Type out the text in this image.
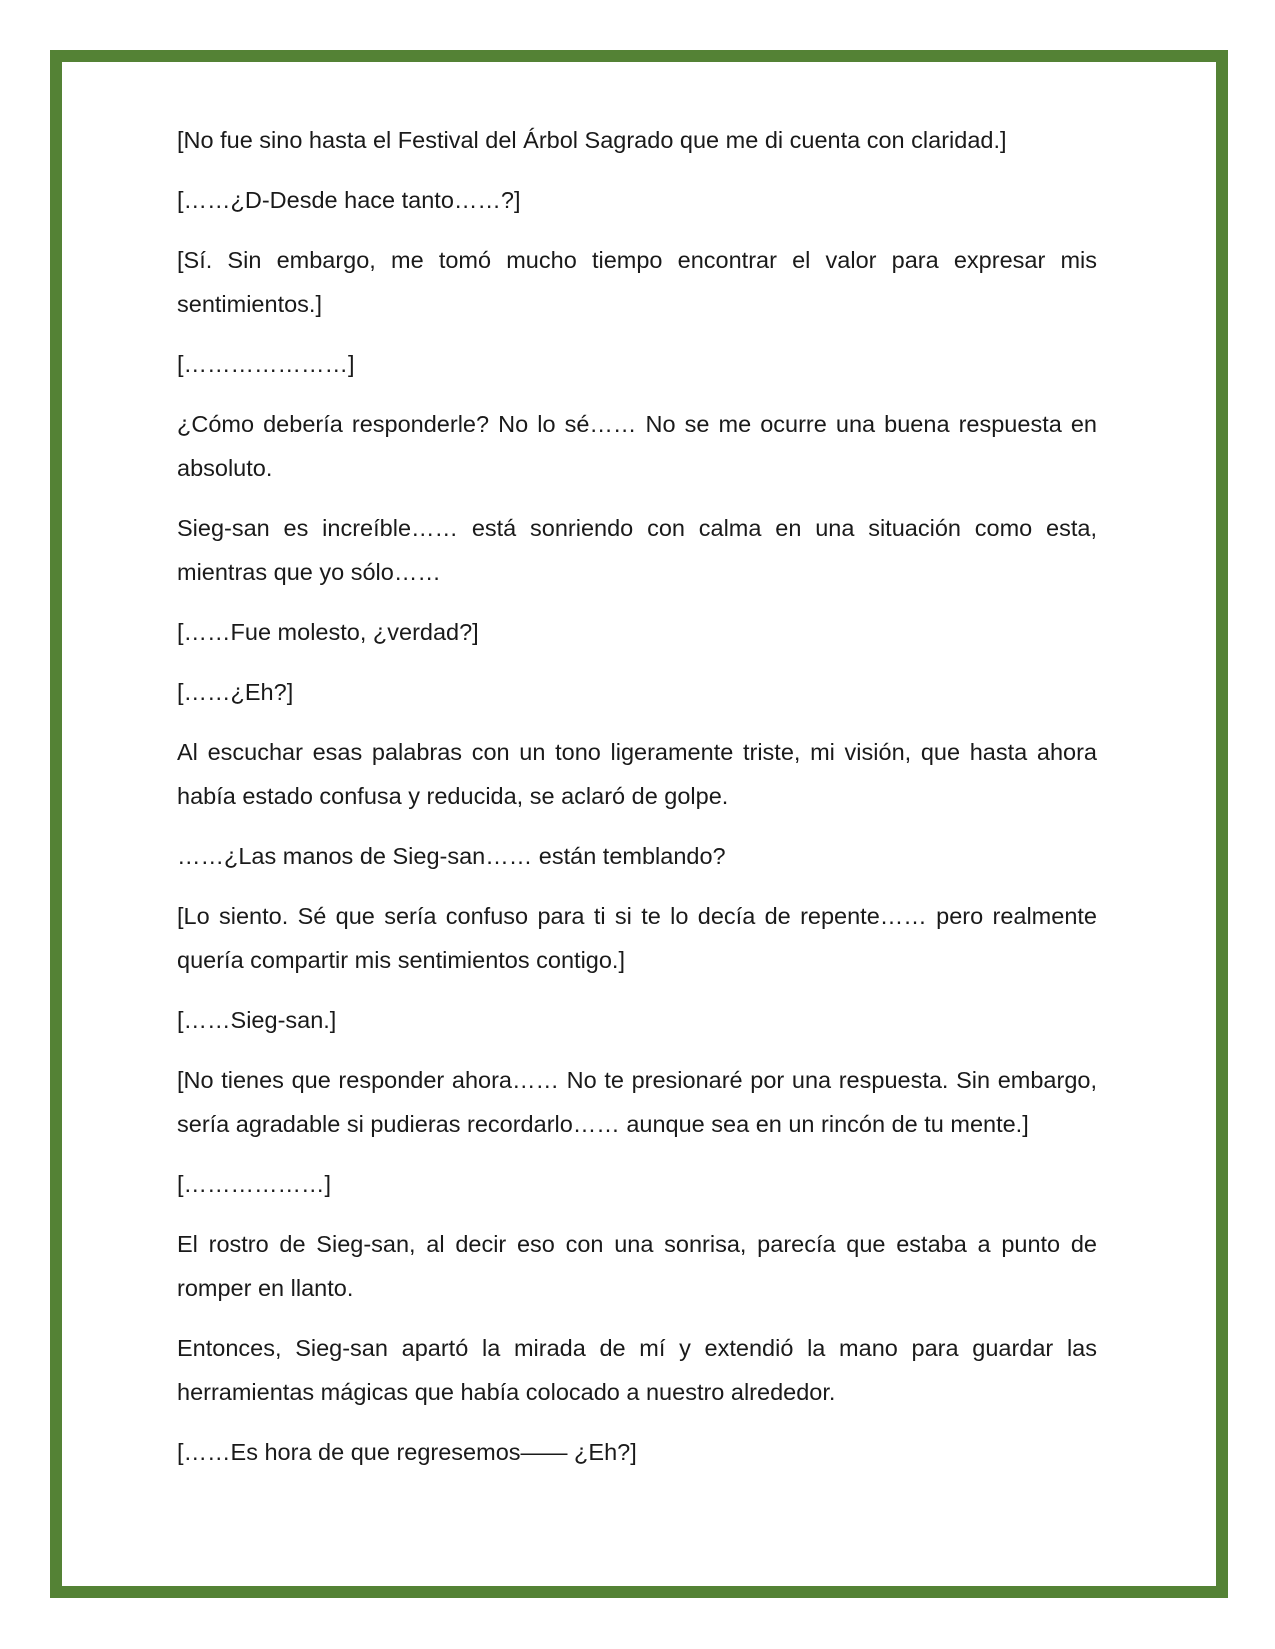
[No fue sino hasta el Festival del Árbol Sagrado que me di cuenta con claridad.]

[……¿D-Desde hace tanto……?]

[Sí. Sin embargo, me tomó mucho tiempo encontrar el valor para expresar mis sentimientos.]

[…………………]

¿Cómo debería responderle? No lo sé…… No se me ocurre una buena respuesta en absoluto.

Sieg-san es increíble…… está sonriendo con calma en una situación como esta, mientras que yo sólo……

[……Fue molesto, ¿verdad?]

[……¿Eh?]

Al escuchar esas palabras con un tono ligeramente triste, mi visión, que hasta ahora había estado confusa y reducida, se aclaró de golpe.

……¿Las manos de Sieg-san…… están temblando?

[Lo siento. Sé que sería confuso para ti si te lo decía de repente…… pero realmente quería compartir mis sentimientos contigo.]

[……Sieg-san.]

[No tienes que responder ahora…… No te presionaré por una respuesta. Sin embargo, sería agradable si pudieras recordarlo…… aunque sea en un rincón de tu mente.]

[………………]

El rostro de Sieg-san, al decir eso con una sonrisa, parecía que estaba a punto de romper en llanto.

Entonces, Sieg-san apartó la mirada de mí y extendió la mano para guardar las herramientas mágicas que había colocado a nuestro alrededor.

[……Es hora de que regresemos—— ¿Eh?]
